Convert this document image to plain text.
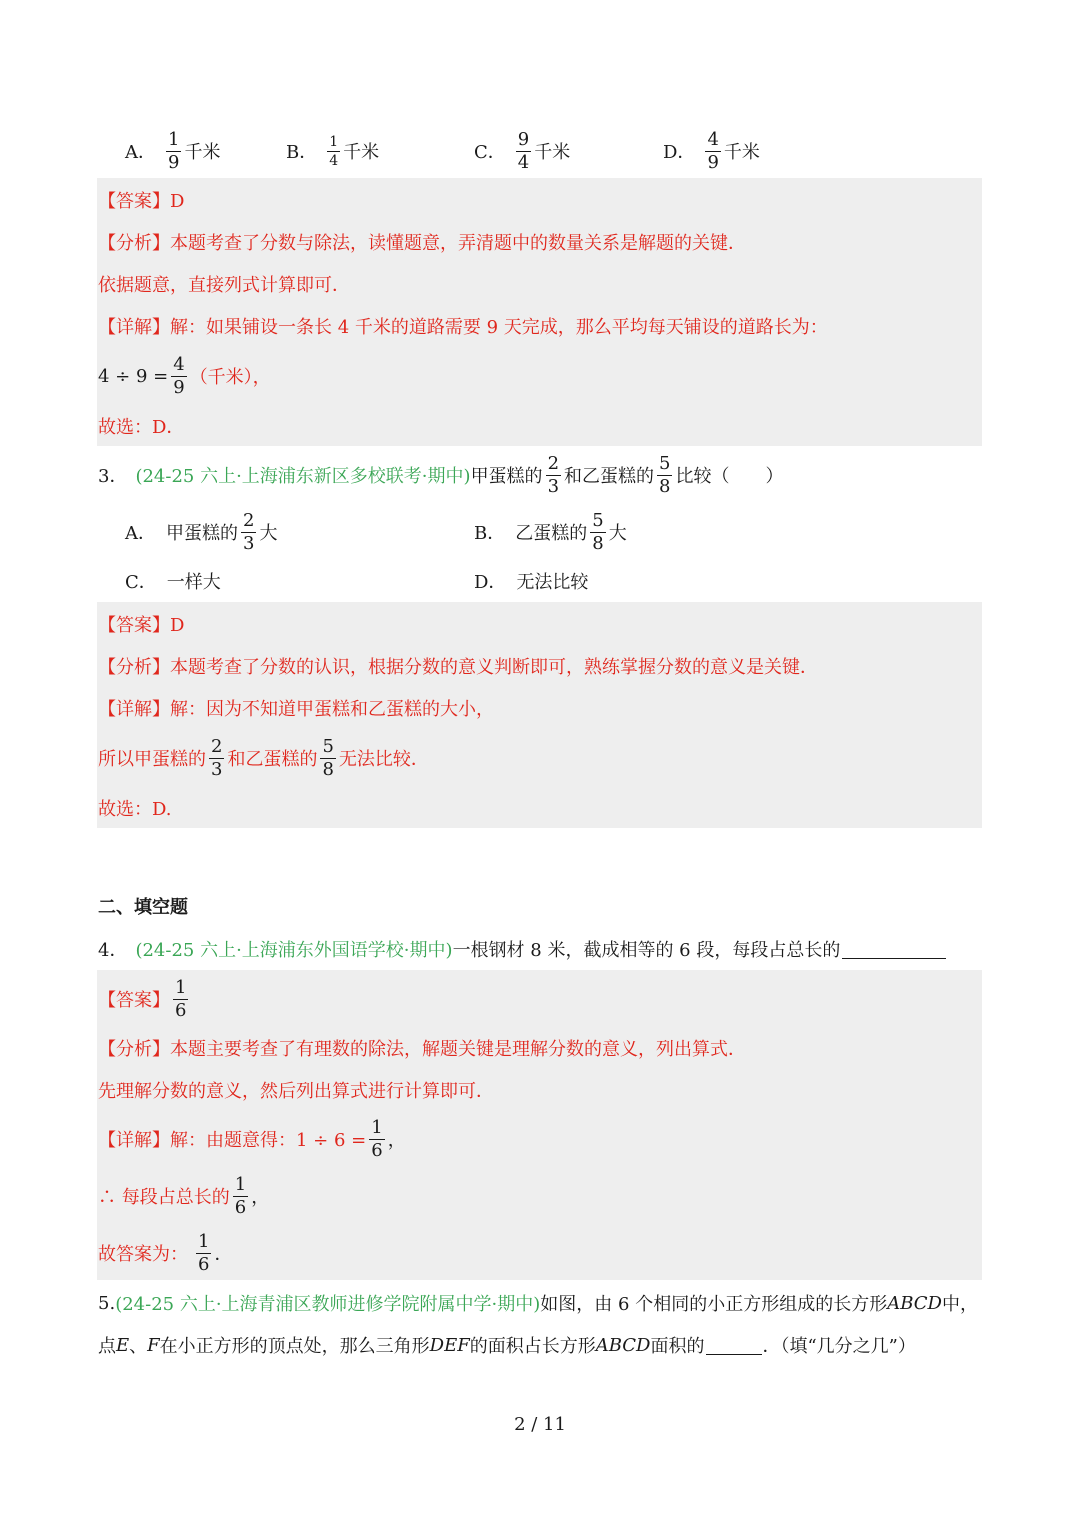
A． $\frac{1}{9}$ 千米	B． $\frac{1}{4}$ 千米	C． $\frac{9}{4}$ 千米	D． $\frac{4}{9}$ 千米
【答案】D
【分析】本题考查了分数与除法，读懂题意，弄清题中的数量关系是解题的关键．
依据题意，直接列式计算即可．
【详解】解：如果铺设一条长 4 千米的道路需要 9 天完成，那么平均每天铺设的道路长为：
$4 \div 9 = \frac{4}{9}$ （千米），
故选：D．
3． (24-25 六上·上海浦东新区多校联考·期中) 甲蛋糕的 $\frac{2}{3}$ 和乙蛋糕的 $\frac{5}{8}$ 比较（　　）
A． 甲蛋糕的 $\frac{2}{3}$ 大	B． 乙蛋糕的 $\frac{5}{8}$ 大
C． 一样大	D． 无法比较
【答案】D
【分析】本题考查了分数的认识，根据分数的意义判断即可，熟练掌握分数的意义是关键．
【详解】解：因为不知道甲蛋糕和乙蛋糕的大小，
所以甲蛋糕的 $\frac{2}{3}$ 和乙蛋糕的 $\frac{5}{8}$ 无法比较．
故选：D.
二、填空题
4． (24-25 六上·上海浦东外国语学校·期中) 一根钢材 8 米，截成相等的 6 段，每段占总长的
【答案】 $\frac{1}{6}$
【分析】本题主要考查了有理数的除法，解题关键是理解分数的意义，列出算式．
先理解分数的意义，然后列出算式进行计算即可．
【详解】解：由题意得：$1 \div 6 = \frac{1}{6}$ ，
∴ 每段占总长的 $\frac{1}{6}$ ，
故答案为： $\frac{1}{6}$ ．
5. (24-25 六上·上海青浦区教师进修学院附属中学·期中) 如图，由 6 个相同的小正方形组成的长方形 ABCD 中，
点 E 、 F 在小正方形的顶点处，那么三角形 DEF 的面积占长方形 ABCD 面积的	．（填“几分之几”）
2 / 11
